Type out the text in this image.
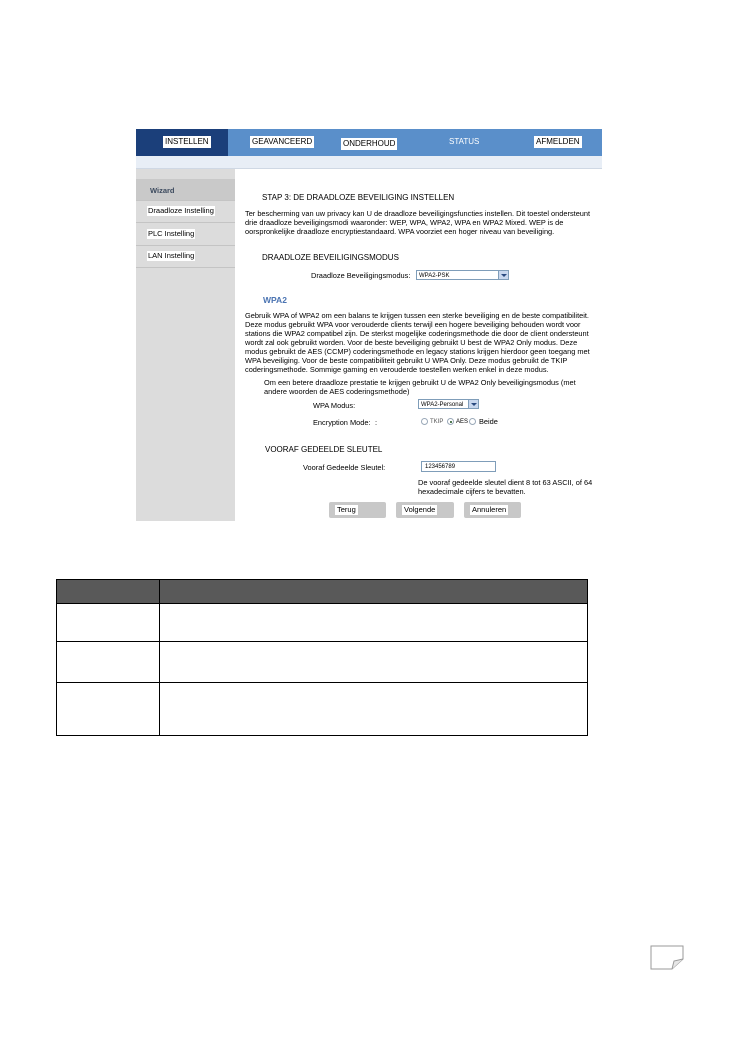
INSTELLEN	GEAVANCEERD	ONDERHOUD	STATUS	AFMELDEN
Wizard
Draadloze Instelling
PLC Instelling
LAN Instelling
STAP 3: DE DRAADLOZE BEVEILIGING INSTELLEN
Ter bescherming van uw privacy kan U de draadloze beveiligingsfuncties instellen. Dit toestel ondersteunt drie draadloze beveiligingsmodi waaronder: WEP, WPA, WPA2, WPA en WPA2 Mixed. WEP is de oorspronkelijke draadloze encryptiestandaard. WPA voorziet een hoger niveau van beveiliging.
DRAADLOZE BEVEILIGINGSMODUS
Draadloze Beveiligingsmodus:	WPA2-PSK
WPA2
Gebruik WPA of WPA2 om een balans te krijgen tussen een sterke beveiliging en de beste compatibiliteit. Deze modus gebruikt WPA voor verouderde clients terwijl een hogere beveiliging behouden wordt voor stations die WPA2 compatibel zijn. De sterkst mogelijke coderingsmethode die door de client ondersteunt wordt zal ook gebruikt worden. Voor de beste beveiliging gebruikt U best de WPA2 Only modus. Deze modus gebruikt de AES (CCMP) coderingsmethode en legacy stations krijgen hierdoor geen toegang met WPA beveiliging. Voor de beste compatibiliteit gebruikt U WPA Only. Deze modus gebruikt de TKIP coderingsmethode. Sommige gaming en verouderde toestellen werken enkel in deze modus.
Om een betere draadloze prestatie te krijgen gebruikt U de WPA2 Only beveiligingsmodus (met andere woorden de AES coderingsmethode)
WPA Modus:	WPA2-Personal
Encryption Mode: :	TKIP AES Beide
VOORAF GEDEELDE SLEUTEL
Vooraf Gedeelde Sleutel:	123456789
De vooraf gedeelde sleutel dient 8 tot 63 ASCII, of 64 hexadecimale cijfers te bevatten.
Terug	Volgende	Annuleren
